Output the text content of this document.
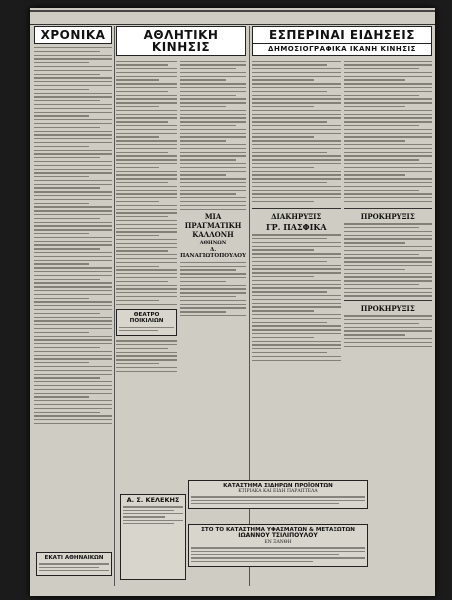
ΧΡΟΝΙΚΑ
ΕΚΑΤΙ ΑΘΗΝΑΙΚΩΝ
ΑΘΛΗΤΙΚΗ ΚΙΝΗΣΙΣ
ΘΕΑΤΡΟ ΠΟΙΚΙΛΙΩΝ
ΜΙΑ ΠΡΑΓΜΑΤΙΚΗ ΚΑΛΛΟΝΗ
ΑΘΗΝΩΝ
Δ. ΠΑΝΑΓΙΩΤΟΠΟΥΛΟΥ
Α. Σ. ΚΕΛΕΚΗΣ
ΕΣΠΕΡΙΝΑΙ ΕΙΔΗΣΕΙΣ
ΔΗΜΟΣΙΟΓΡΑΦΙΚΑ ΙΚΑΝΗ ΚΙΝΗΣΙΣ
ΔΙΑΚΗΡΥΞΙΣ
ΓΡ. ΠΑΣΦΙΚΑ
ΠΡΟΚΗΡΥΞΙΣ
ΠΡΟΚΗΡΥΞΙΣ
ΚΑΤΑΣΤΗΜΑ ΣΙΔΗΡΩΝ ΠΡΟΪΟΝΤΩΝ
ΚΤΙΡΙΑΚΑ ΚΑΙ ΕΙΔΗ ΠΑΡΑΠΤΕΛΑ
ΣΤΟ ΤΟ ΚΑΤΑΣΤΗΜΑ ΥΦΑΣΜΑΤΩΝ & ΜΕΤΑΞΩΤΩΝ
ΙΩΑΝΝΟΥ ΤΣΙΛΙΠΟΥΛΟΥ
ΕΝ ΞΑΝΘΗ
